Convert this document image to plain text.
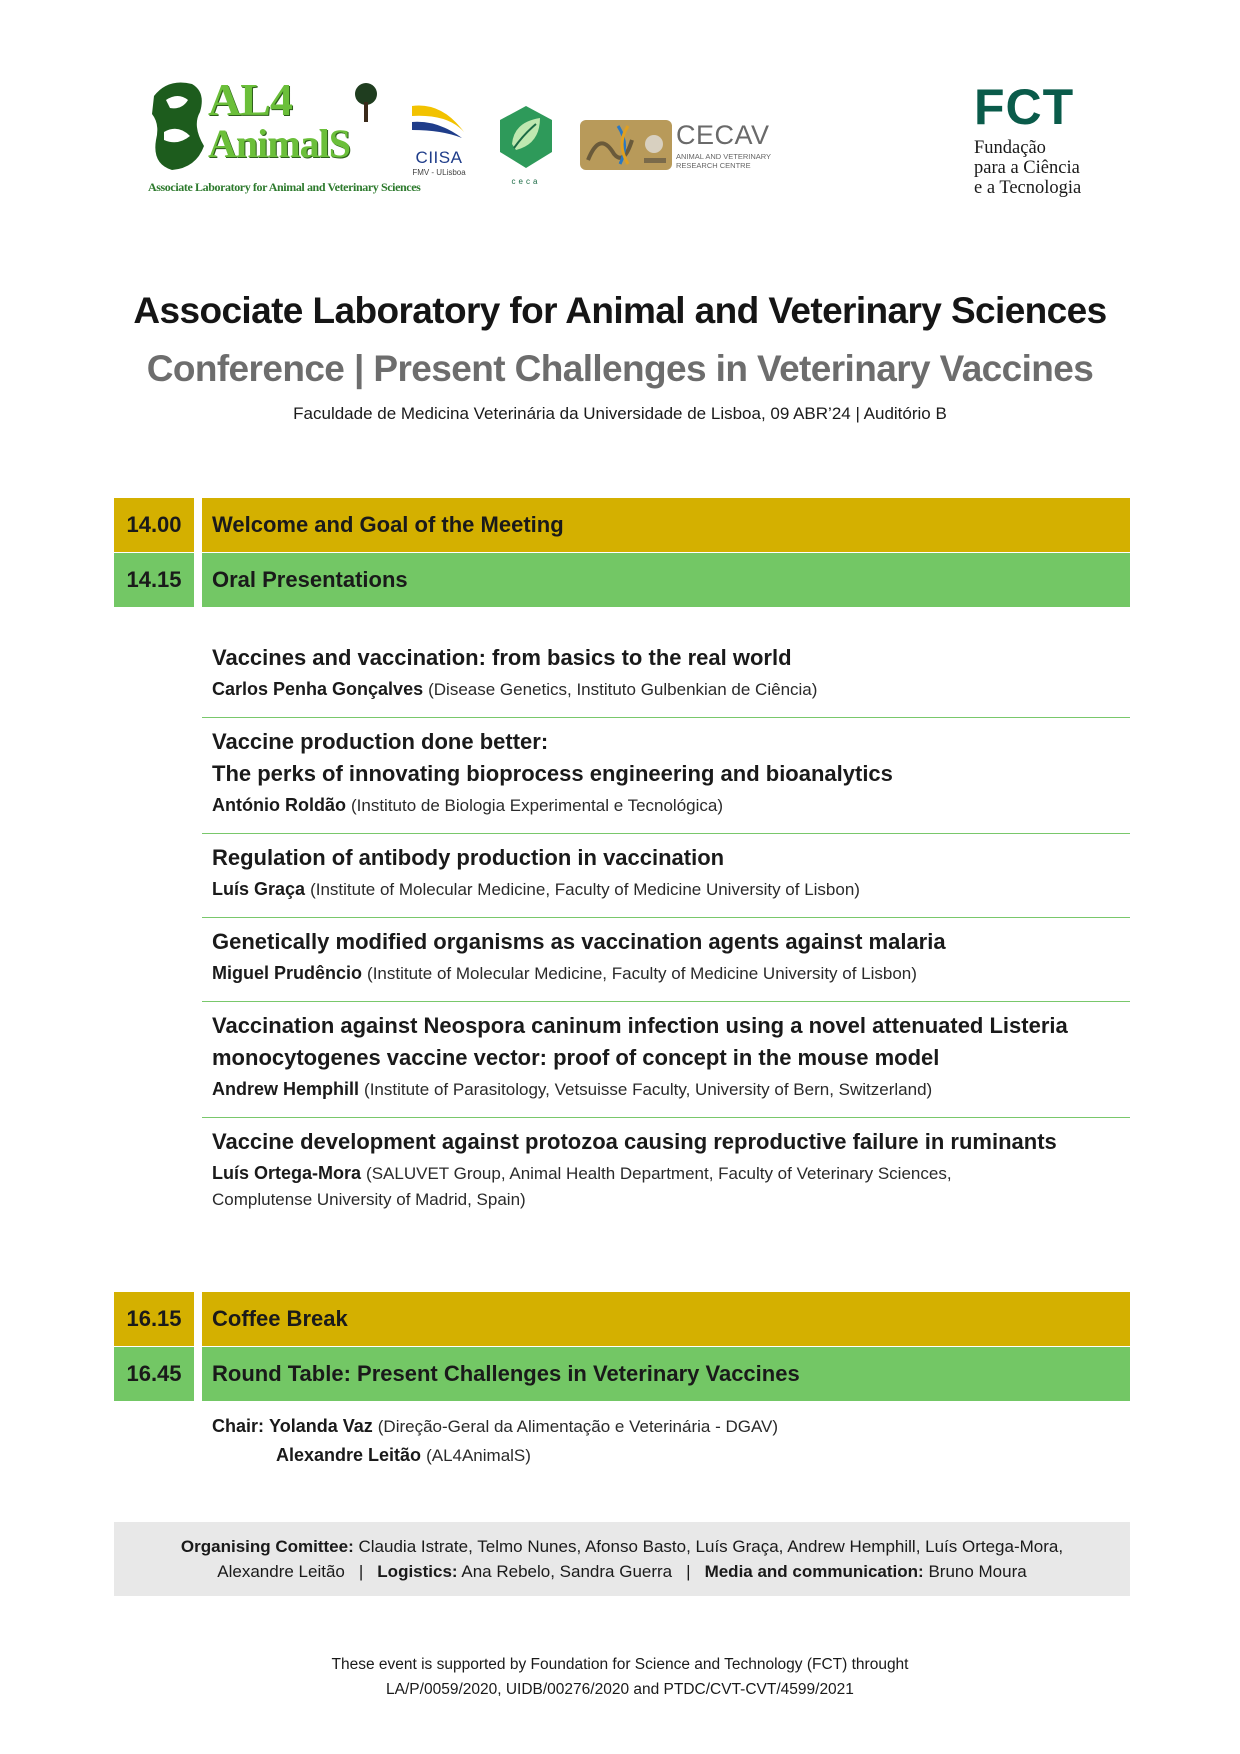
AL4
AnimalS
Associate Laboratory for Animal and Veterinary Sciences
CIISA
FMV - ULisboa
ceca
CECAV
ANIMAL AND VETERINARY RESEARCH CENTRE
FCT
Fundação
para a Ciência
e a Tecnologia
Associate Laboratory for Animal and Veterinary Sciences
Conference | Present Challenges in Veterinary Vaccines
Faculdade de Medicina Veterinária da Universidade de Lisboa, 09 ABR’24 | Auditório B
14.00	Welcome and Goal of the Meeting
14.15	Oral Presentations
Vaccines and vaccination: from basics to the real world
Carlos Penha Gonçalves (Disease Genetics, Instituto Gulbenkian de Ciência)
Vaccine production done better:
The perks of innovating bioprocess engineering and bioanalytics
António Roldão (Instituto de Biologia Experimental e Tecnológica)
Regulation of antibody production in vaccination
Luís Graça (Institute of Molecular Medicine, Faculty of Medicine University of Lisbon)
Genetically modified organisms as vaccination agents against malaria
Miguel Prudêncio (Institute of Molecular Medicine, Faculty of Medicine University of Lisbon)
Vaccination against Neospora caninum infection using a novel attenuated Listeria
monocytogenes vaccine vector: proof of concept in the mouse model
Andrew Hemphill (Institute of Parasitology, Vetsuisse Faculty, University of Bern, Switzerland)
Vaccine development against protozoa causing reproductive failure in ruminants
Luís Ortega-Mora (SALUVET Group, Animal Health Department, Faculty of Veterinary Sciences,
Complutense University of Madrid, Spain)
16.15	Coffee Break
16.45	Round Table: Present Challenges in Veterinary Vaccines
Chair: Yolanda Vaz (Direção-Geral da Alimentação e Veterinária - DGAV)
Alexandre Leitão (AL4AnimalS)
Organising Comittee: Claudia Istrate, Telmo Nunes, Afonso Basto, Luís Graça, Andrew Hemphill, Luís Ortega-Mora,
Alexandre Leitão | Logistics: Ana Rebelo, Sandra Guerra | Media and communication: Bruno Moura
These event is supported by Foundation for Science and Technology (FCT) throught
LA/P/0059/2020, UIDB/00276/2020 and PTDC/CVT-CVT/4599/2021
